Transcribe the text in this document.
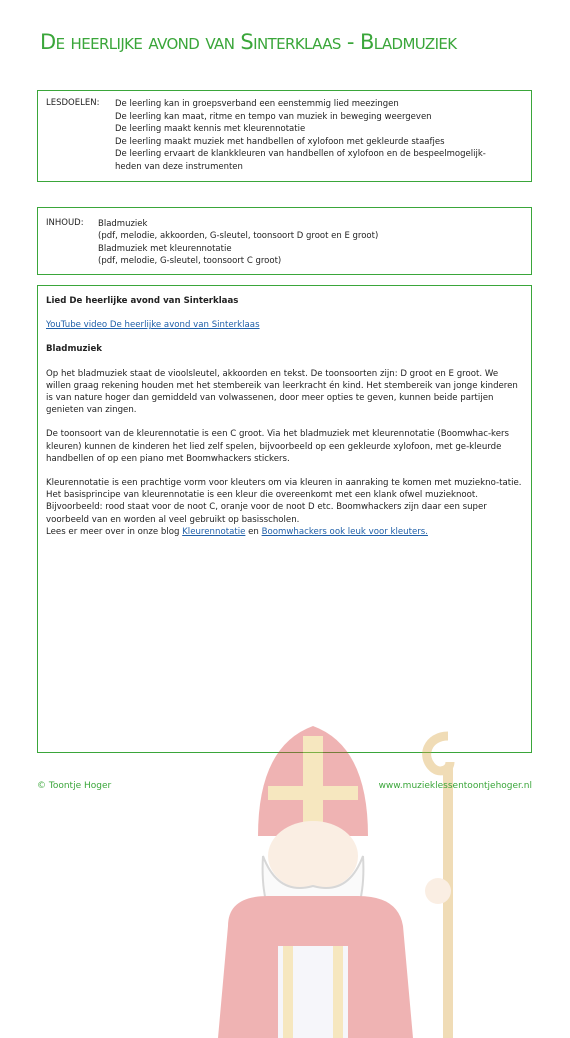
De heerlijke avond van Sinterklaas - Bladmuziek
LESDOELEN: De leerling kan in groepsverband een eenstemmig lied meezingen
De leerling kan maat, ritme en tempo van muziek in beweging weergeven
De leerling maakt kennis met kleurennotatie
De leerling maakt muziek met handbellen of xylofoon met gekleurde staafjes
De leerling ervaart de klankkleuren van handbellen of xylofoon en de bespeelmogelijk-
heden van deze instrumenten
INHOUD: Bladmuziek
(pdf, melodie, akkoorden, G-sleutel, toonsoort D groot en E groot)
Bladmuziek met kleurennotatie
(pdf, melodie, G-sleutel, toonsoort C groot)

Lied De heerlijke avond van Sinterklaas

YouTube video De heerlijke avond van Sinterklaas

Bladmuziek

Op het bladmuziek staat de vioolsleutel, akkoorden en tekst. De toonsoorten zijn: D groot en E groot. We willen graag rekening houden met het stembereik van leerkracht én kind. Het stembereik van jonge kinderen is van nature hoger dan gemiddeld van volwassenen, door meer opties te geven, kunnen beide partijen genieten van zingen.

De toonsoort van de kleurennotatie is een C groot. Via het bladmuziek met kleurennotatie (Boomwhac-kers kleuren) kunnen de kinderen het lied zelf spelen, bijvoorbeeld op een gekleurde xylofoon, met ge-kleurde handbellen of op een piano met Boomwhackers stickers.

Kleurennotatie is een prachtige vorm voor kleuters om via kleuren in aanraking te komen met muziekno-tatie. Het basisprincipe van kleurennotatie is een kleur die overeenkomt met een klank ofwel muzieknoot. Bijvoorbeeld: rood staat voor de noot C, oranje voor de noot D etc. Boomwhackers zijn daar een super voorbeeld van en worden al veel gebruikt op basisscholen.

Lees er meer over in onze blog Kleurennotatie en Boomwhackers ook leuk voor kleuters.

© Toontje Hoger	www.muzieklessentoontjehoger.nl
